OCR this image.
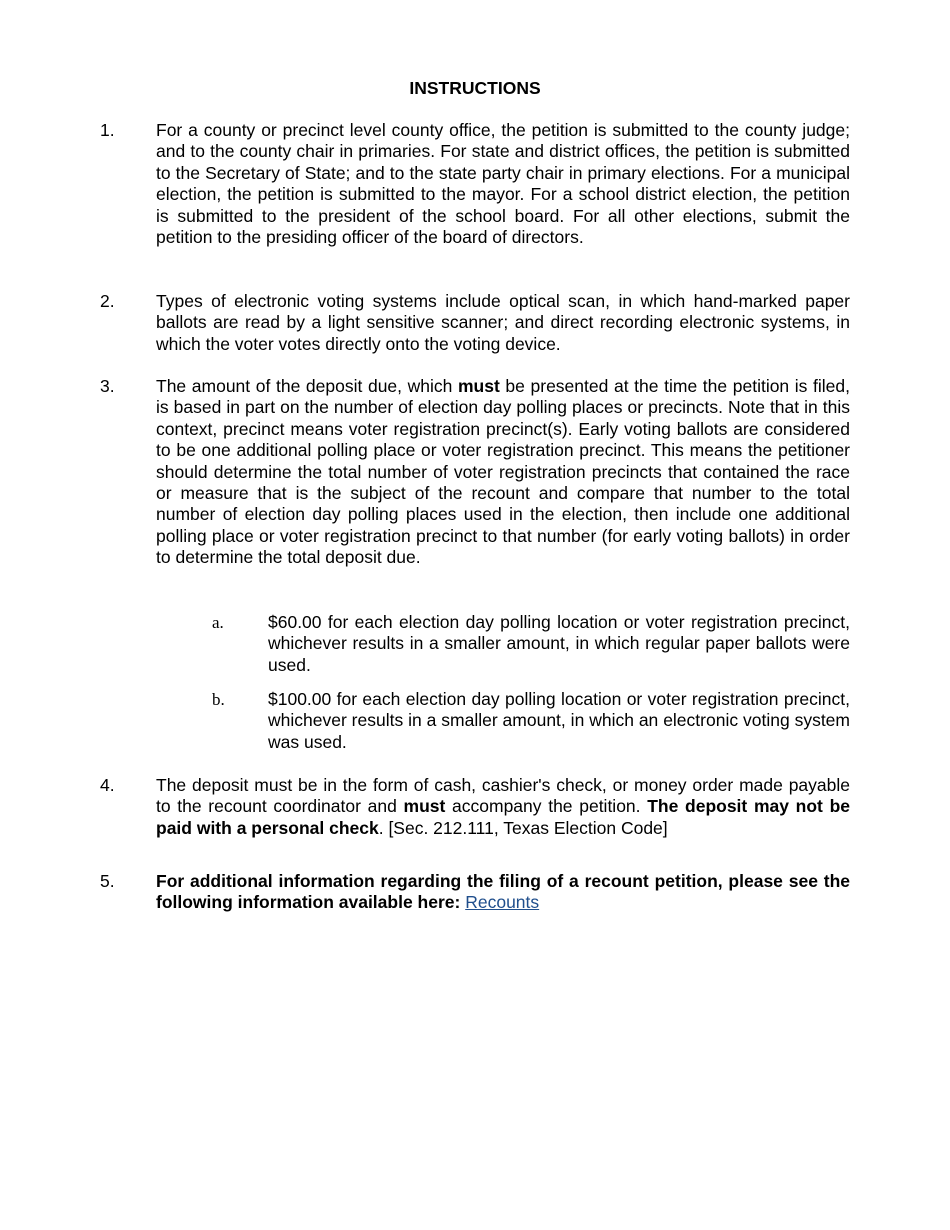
INSTRUCTIONS
1.	For a county or precinct level county office, the petition is submitted to the county judge; and to the county chair in primaries. For state and district offices, the petition is submitted to the Secretary of State; and to the state party chair in primary elections. For a municipal election, the petition is submitted to the mayor. For a school district election, the petition is submitted to the president of the school board. For all other elections, submit the petition to the presiding officer of the board of directors.
2.	Types of electronic voting systems include optical scan, in which hand-marked paper ballots are read by a light sensitive scanner; and direct recording electronic systems, in which the voter votes directly onto the voting device.
3.	The amount of the deposit due, which must be presented at the time the petition is filed, is based in part on the number of election day polling places or precincts. Note that in this context, precinct means voter registration precinct(s). Early voting ballots are considered to be one additional polling place or voter registration precinct. This means the petitioner should determine the total number of voter registration precincts that contained the race or measure that is the subject of the recount and compare that number to the total number of election day polling places used in the election, then include one additional polling place or voter registration precinct to that number (for early voting ballots) in order to determine the total deposit due.
a.	$60.00 for each election day polling location or voter registration precinct, whichever results in a smaller amount, in which regular paper ballots were used.
b. $100.00 for each election day polling location or voter registration precinct, whichever results in a smaller amount, in which an electronic voting system was used.
4.	The deposit must be in the form of cash, cashier's check, or money order made payable to the recount coordinator and must accompany the petition. The deposit may not be paid with a personal check. [Sec. 212.111, Texas Election Code]
5.	For additional information regarding the filing of a recount petition, please see the following information available here: Recounts
